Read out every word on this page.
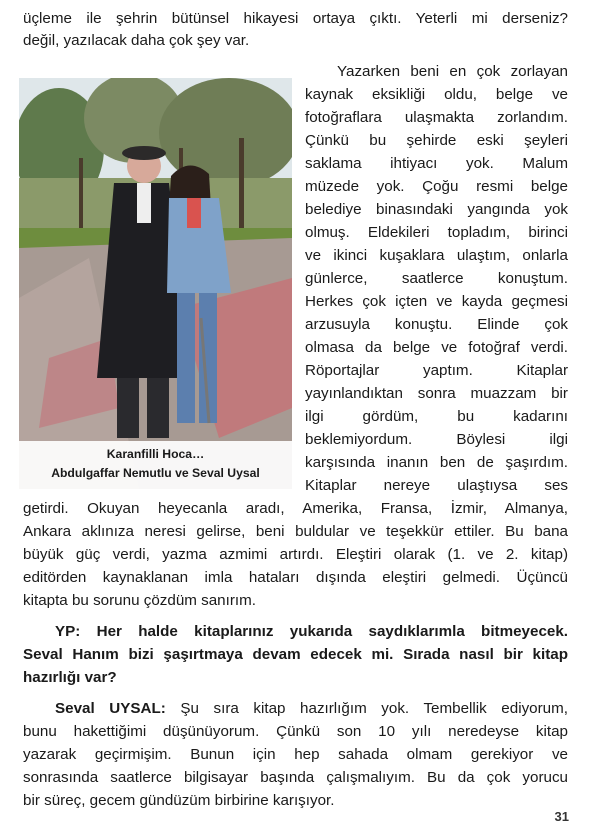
üçleme ile şehrin bütünsel hikayesi ortaya çıktı. Yeterli mi derseniz?
değil, yazılacak daha çok şey var.
Karanfilli Hoca…
Abdulgaffar Nemutlu ve Seval Uysal
Yazarken beni en çok zorlayan
kaynak eksikliği oldu, belge ve
fotoğraflara ulaşmakta zorlandım.
Çünkü bu şehirde eski şeyleri
saklama ihtiyacı yok. Malum
müzede yok. Çoğu resmi belge
belediye binasındaki yangında yok
olmuş. Eldekileri topladım, birinci
ve ikinci kuşaklara ulaştım, onlarla
günlerce, saatlerce konuştum.
Herkes çok içten ve kayda geçmesi
arzusuyla konuştu. Elinde çok
olmasa da belge ve fotoğraf verdi.
Röportajlar yaptım. Kitaplar
yayınlandıktan sonra muazzam bir
ilgi gördüm, bu kadarını
beklemiyordum. Böylesi ilgi
karşısında inanın ben de şaşırdım.
Kitaplar nereye ulaştıysa ses
getirdi. Okuyan heyecanla aradı, Amerika, Fransa, İzmir, Almanya,
Ankara aklınıza neresi gelirse, beni buldular ve teşekkür ettiler. Bu bana
büyük güç verdi, yazma azmimi artırdı. Eleştiri olarak (1. ve 2. kitap)
editörden kaynaklanan imla hataları dışında eleştiri gelmedi. Üçüncü
kitapta bu sorunu çözdüm sanırım.
YP: Her halde kitaplarınız yukarıda saydıklarımla bitmeyecek.
Seval Hanım bizi şaşırtmaya devam edecek mi. Sırada nasıl bir kitap
hazırlığı var?
Seval UYSAL: Şu sıra kitap hazırlığım yok. Tembellik ediyorum,
bunu hakettiğimi düşünüyorum. Çünkü son 10 yılı neredeyse kitap
yazarak geçirmişim. Bunun için hep sahada olmam gerekiyor ve
sonrasında saatlerce bilgisayar başında çalışmalıyım. Bu da çok yorucu
bir süreç, gecem gündüzüm birbirine karışıyor.
31
